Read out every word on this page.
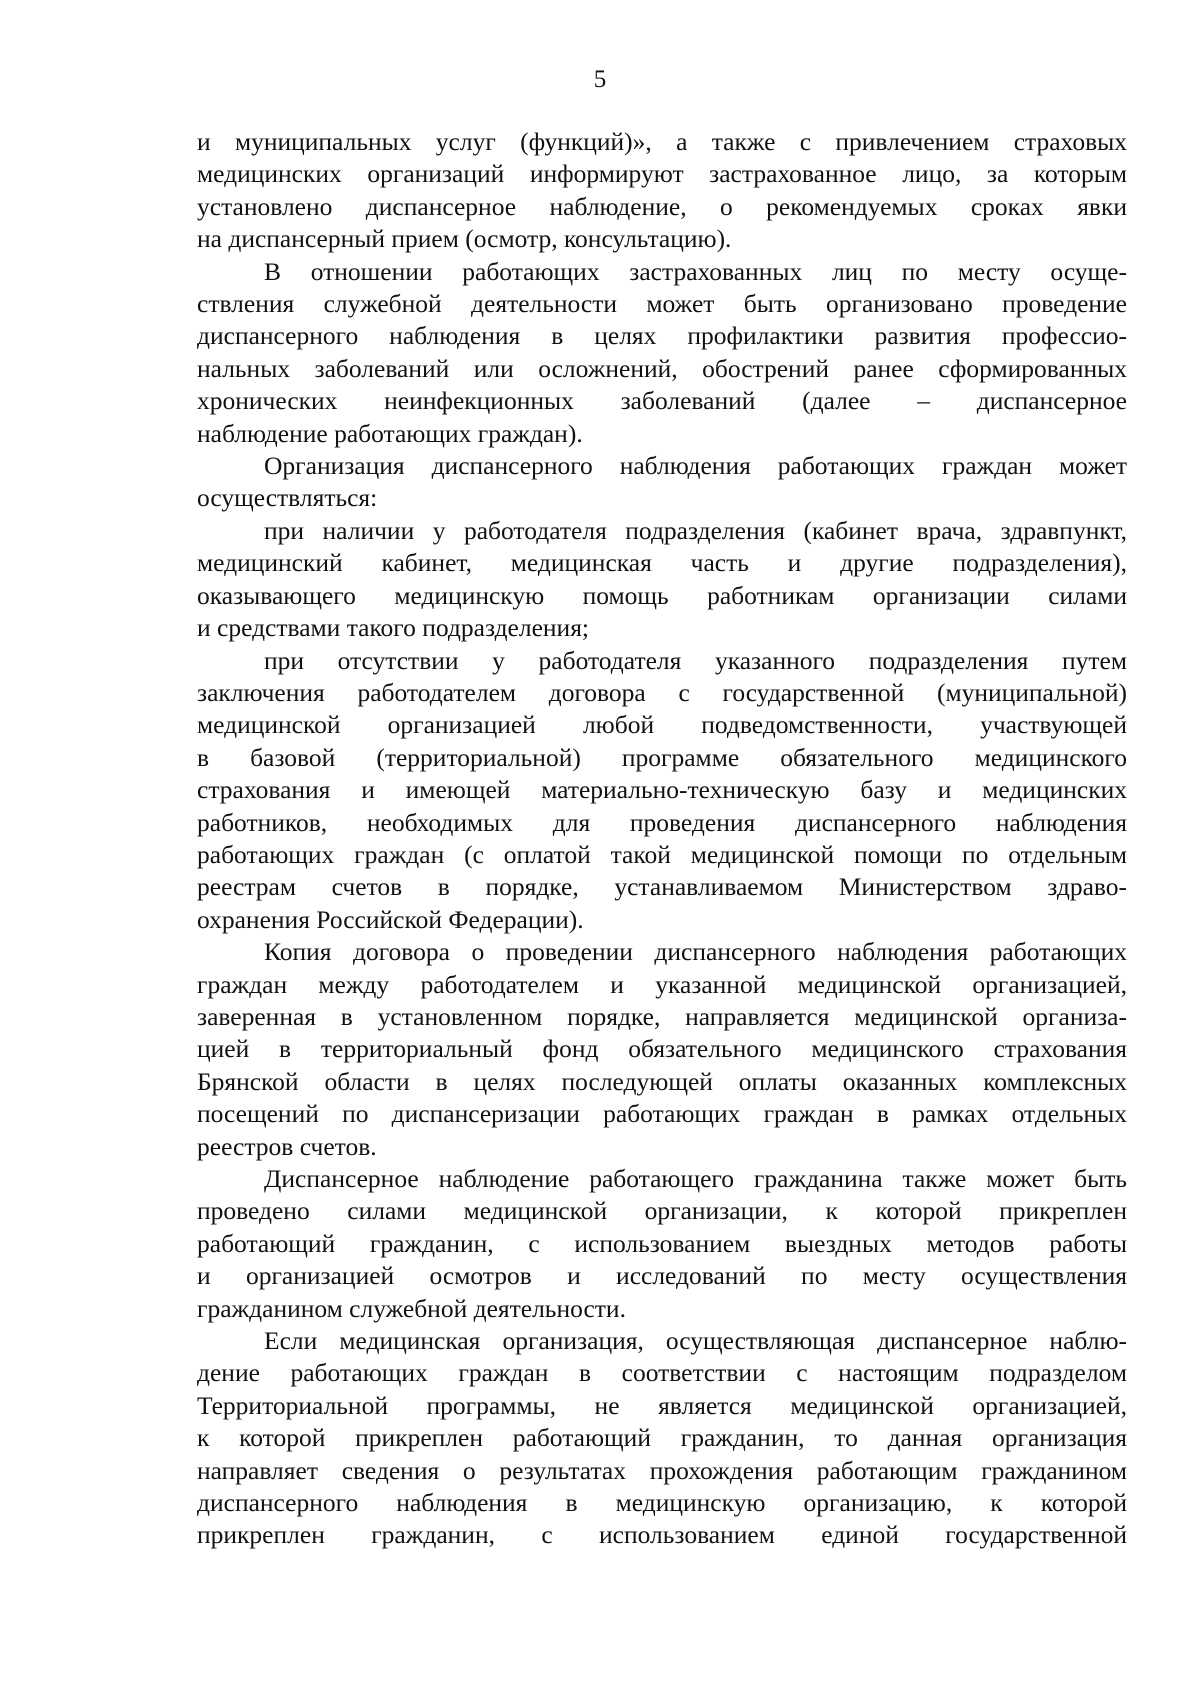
5

и муниципальных услуг (функций)», а также с привлечением страховых
медицинских организаций информируют застрахованное лицо, за которым
установлено диспансерное наблюдение, о рекомендуемых сроках явки
на диспансерный прием (осмотр, консультацию).

В отношении работающих застрахованных лиц по месту осуще-
ствления служебной деятельности может быть организовано проведение
диспансерного наблюдения в целях профилактики развития профессио-
нальных заболеваний или осложнений, обострений ранее сформированных
хронических неинфекционных заболеваний (далее – диспансерное
наблюдение работающих граждан).

Организация диспансерного наблюдения работающих граждан может
осуществляться:

при наличии у работодателя подразделения (кабинет врача, здравпункт,
медицинский кабинет, медицинская часть и другие подразделения),
оказывающего медицинскую помощь работникам организации силами
и средствами такого подразделения;

при отсутствии у работодателя указанного подразделения путем
заключения работодателем договора с государственной (муниципальной)
медицинской организацией любой подведомственности, участвующей
в базовой (территориальной) программе обязательного медицинского
страхования и имеющей материально-техническую базу и медицинских
работников, необходимых для проведения диспансерного наблюдения
работающих граждан (с оплатой такой медицинской помощи по отдельным
реестрам счетов в порядке, устанавливаемом Министерством здраво-
охранения Российской Федерации).

Копия договора о проведении диспансерного наблюдения работающих
граждан между работодателем и указанной медицинской организацией,
заверенная в установленном порядке, направляется медицинской организа-
цией в территориальный фонд обязательного медицинского страхования
Брянской области в целях последующей оплаты оказанных комплексных
посещений по диспансеризации работающих граждан в рамках отдельных
реестров счетов.

Диспансерное наблюдение работающего гражданина также может быть
проведено силами медицинской организации, к которой прикреплен
работающий гражданин, с использованием выездных методов работы
и организацией осмотров и исследований по месту осуществления
гражданином служебной деятельности.

Если медицинская организация, осуществляющая диспансерное наблю-
дение работающих граждан в соответствии с настоящим подразделом
Территориальной программы, не является медицинской организацией,
к которой прикреплен работающий гражданин, то данная организация
направляет сведения о результатах прохождения работающим гражданином
диспансерного наблюдения в медицинскую организацию, к которой
прикреплен гражданин, с использованием единой государственной
